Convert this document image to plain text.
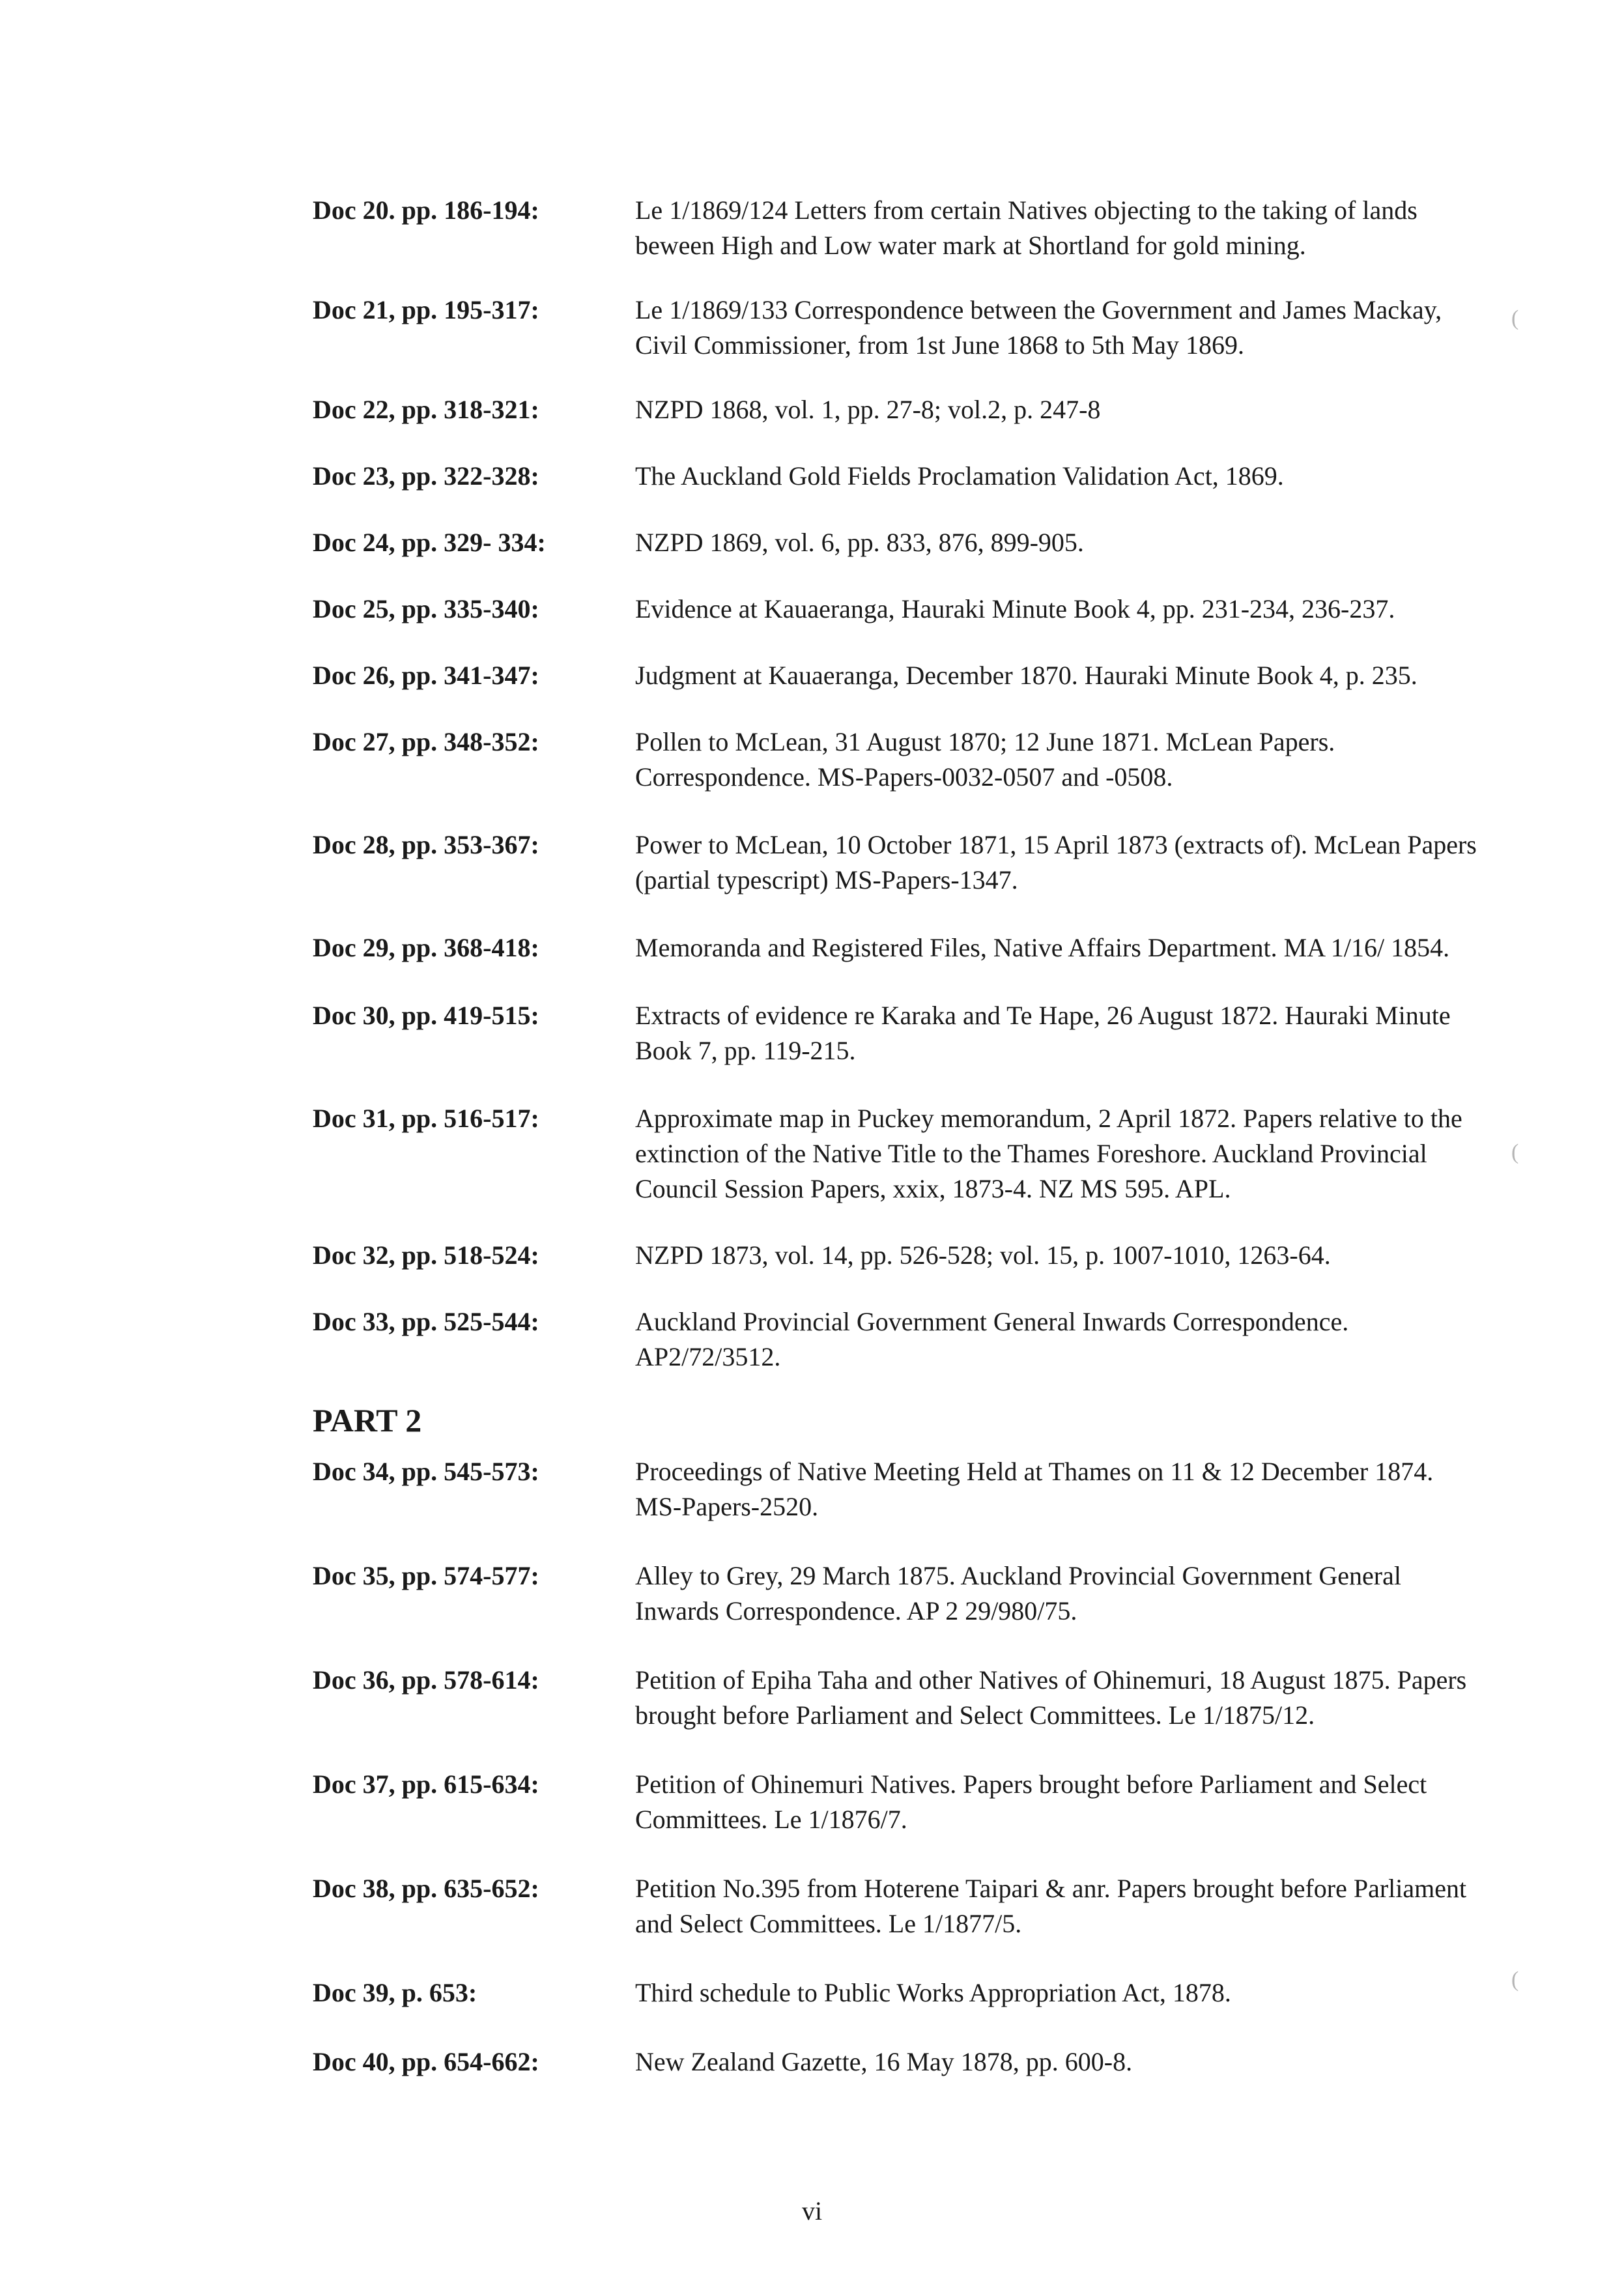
Doc 20. pp. 186-194:	Le 1/1869/124 Letters from certain Natives objecting to the taking of lands beween High and Low water mark at Shortland for gold mining.
Doc 21, pp. 195-317:	Le 1/1869/133 Correspondence between the Government and James Mackay, Civil Commissioner, from 1st June 1868 to 5th May 1869.
Doc 22, pp. 318-321:	NZPD 1868, vol. 1, pp. 27-8; vol.2, p. 247-8
Doc 23, pp. 322-328:	The Auckland Gold Fields Proclamation Validation Act, 1869.
Doc 24, pp. 329- 334:	NZPD 1869, vol. 6, pp. 833, 876, 899-905.
Doc 25, pp. 335-340:	Evidence at Kauaeranga, Hauraki Minute Book 4, pp. 231-234, 236-237.
Doc 26, pp. 341-347:	Judgment at Kauaeranga, December 1870. Hauraki Minute Book 4, p. 235.
Doc 27, pp. 348-352:	Pollen to McLean, 31 August 1870; 12 June 1871. McLean Papers. Correspondence. MS-Papers-0032-0507 and -0508.
Doc 28, pp. 353-367:	Power to McLean, 10 October 1871, 15 April 1873 (extracts of). McLean Papers (partial typescript) MS-Papers-1347.
Doc 29, pp. 368-418:	Memoranda and Registered Files, Native Affairs Department. MA 1/16/ 1854.
Doc 30, pp. 419-515:	Extracts of evidence re Karaka and Te Hape, 26 August 1872. Hauraki Minute Book 7, pp. 119-215.
Doc 31, pp. 516-517:	Approximate map in Puckey memorandum, 2 April 1872. Papers relative to the extinction of the Native Title to the Thames Foreshore. Auckland Provincial Council Session Papers, xxix, 1873-4. NZ MS 595. APL.
Doc 32, pp. 518-524:	NZPD 1873, vol. 14, pp. 526-528; vol. 15, p. 1007-1010, 1263-64.
Doc 33, pp. 525-544:	Auckland Provincial Government General Inwards Correspondence. AP2/72/3512.
PART 2
Doc 34, pp. 545-573:	Proceedings of Native Meeting Held at Thames on 11 & 12 December 1874. MS-Papers-2520.
Doc 35, pp. 574-577:	Alley to Grey, 29 March 1875. Auckland Provincial Government General Inwards Correspondence. AP 2 29/980/75.
Doc 36, pp. 578-614:	Petition of Epiha Taha and other Natives of Ohinemuri, 18 August 1875. Papers brought before Parliament and Select Committees. Le 1/1875/12.
Doc 37, pp. 615-634:	Petition of Ohinemuri Natives. Papers brought before Parliament and Select Committees. Le 1/1876/7.
Doc 38, pp. 635-652:	Petition No.395 from Hoterene Taipari & anr. Papers brought before Parliament and Select Committees. Le 1/1877/5.
Doc 39, p. 653:	Third schedule to Public Works Appropriation Act, 1878.
Doc 40, pp. 654-662:	New Zealand Gazette, 16 May 1878, pp. 600-8.
vi
(
(
(
